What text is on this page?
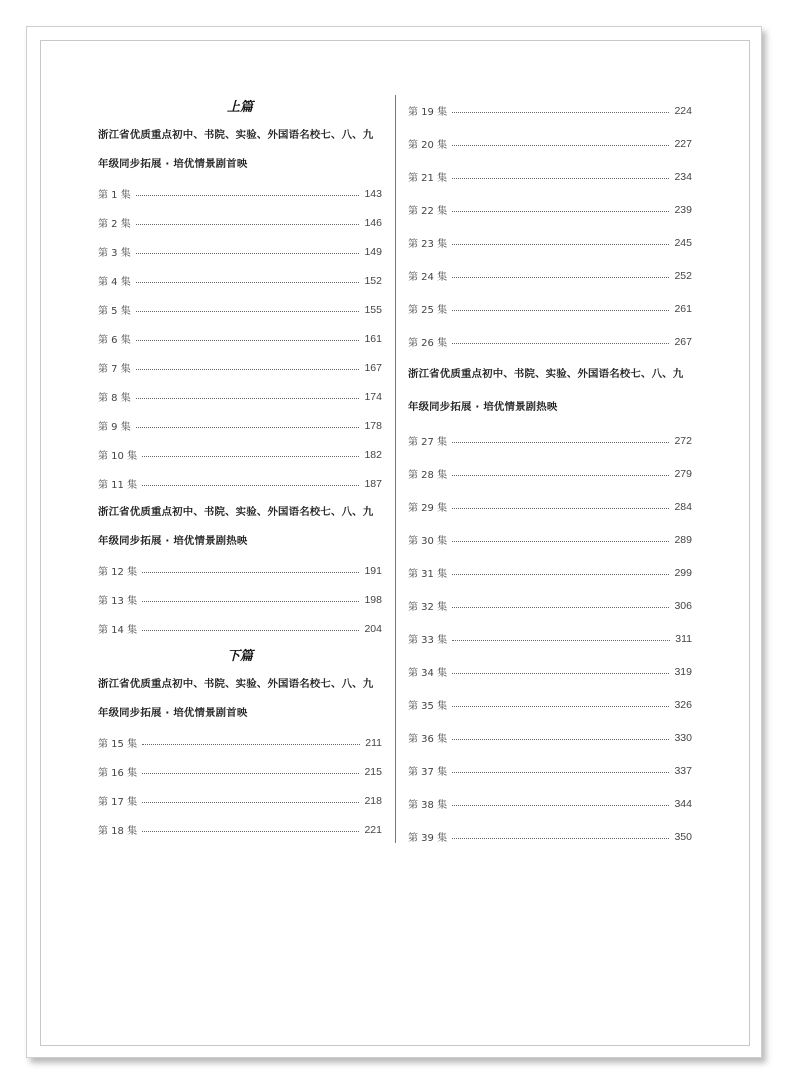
上篇
浙江省优质重点初中、书院、实验、外国语名校七、八、九
年级同步拓展 · 培优情景剧首映
第 1 集	143
第 2 集	146
第 3 集	149
第 4 集	152
第 5 集	155
第 6 集	161
第 7 集	167
第 8 集	174
第 9 集	178
第 10 集	182
第 11 集	187
浙江省优质重点初中、书院、实验、外国语名校七、八、九
年级同步拓展 · 培优情景剧热映
第 12 集	191
第 13 集	198
第 14 集	204
下篇
浙江省优质重点初中、书院、实验、外国语名校七、八、九
年级同步拓展 · 培优情景剧首映
第 15 集	211
第 16 集	215
第 17 集	218
第 18 集	221
第 19 集	224
第 20 集	227
第 21 集	234
第 22 集	239
第 23 集	245
第 24 集	252
第 25 集	261
第 26 集	267
浙江省优质重点初中、书院、实验、外国语名校七、八、九
年级同步拓展 · 培优情景剧热映
第 27 集	272
第 28 集	279
第 29 集	284
第 30 集	289
第 31 集	299
第 32 集	306
第 33 集	311
第 34 集	319
第 35 集	326
第 36 集	330
第 37 集	337
第 38 集	344
第 39 集	350
